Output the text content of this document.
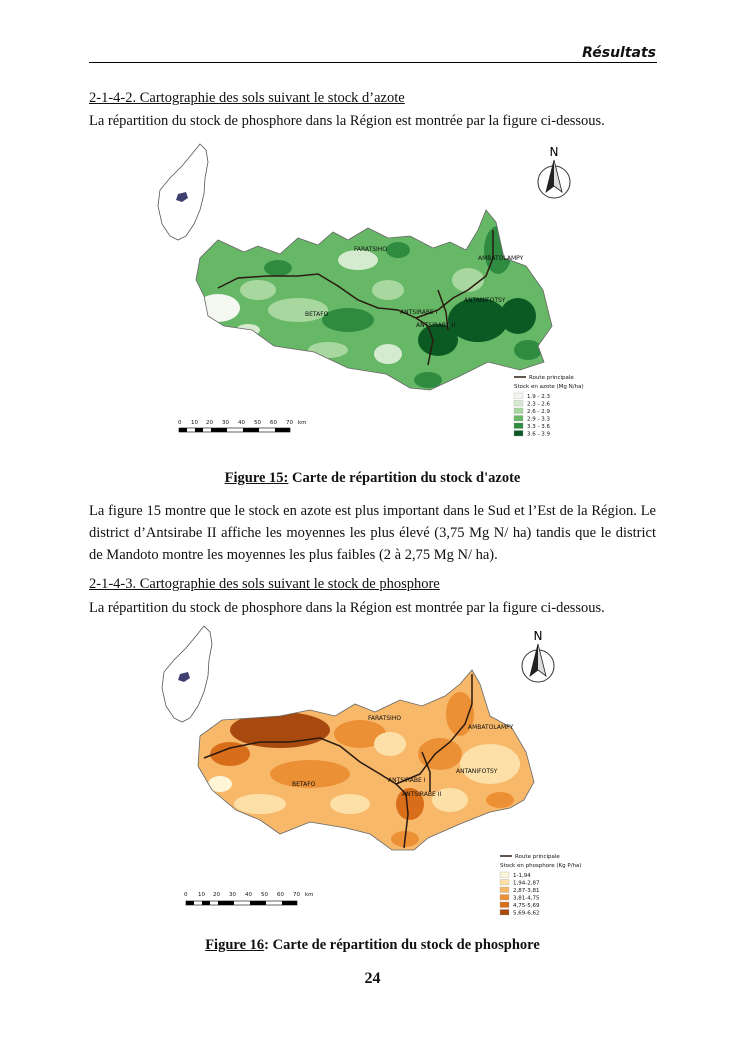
Résultats
2-1-4-2. Cartographie des sols suivant le stock d’azote
La répartition du stock de phosphore dans la Région est montrée par la figure ci-dessous.
N
FARATSIHO
AMBATOLAMPY
ANTANIFOTSY
BETAFO	ANTSIRABE I
ANTSIRABE II
0 10 20 30 40 50 60 70 km
Route principale
Stock en azote (Mg N/ha)
1.9 - 2.3
2.3 - 2.6
2.6 - 2.9
2.9 - 3.3
3.3 - 3.6
3.6 - 3.9
Figure 15: Carte de répartition du stock d'azote
La figure 15 montre que le stock en azote est plus important dans le Sud et l’Est de la Région. Le district d’Antsirabe II affiche les moyennes les plus élevé (3,75 Mg N/ ha) tandis que le district de Mandoto montre les moyennes les plus faibles (2 à 2,75 Mg N/ ha).
2-1-4-3. Cartographie des sols suivant le stock de phosphore
La répartition du stock de phosphore dans la Région est montrée par la figure ci-dessous.
N
FARATSIHO
AMBATOLAMPY
ANTANIFOTSY
BETAFO
ANTSIRABE I
ANTSIRABE II
0 10 20 30 40 50 60 70 km
Route principale
Stock en phosphore (Kg P/ha)
1-1,94
1,94-2,87
2,87-3,81
3,81-4,75
4,75-5,69
5,69-6,62
Figure 16: Carte de répartition du stock de phosphore
24
